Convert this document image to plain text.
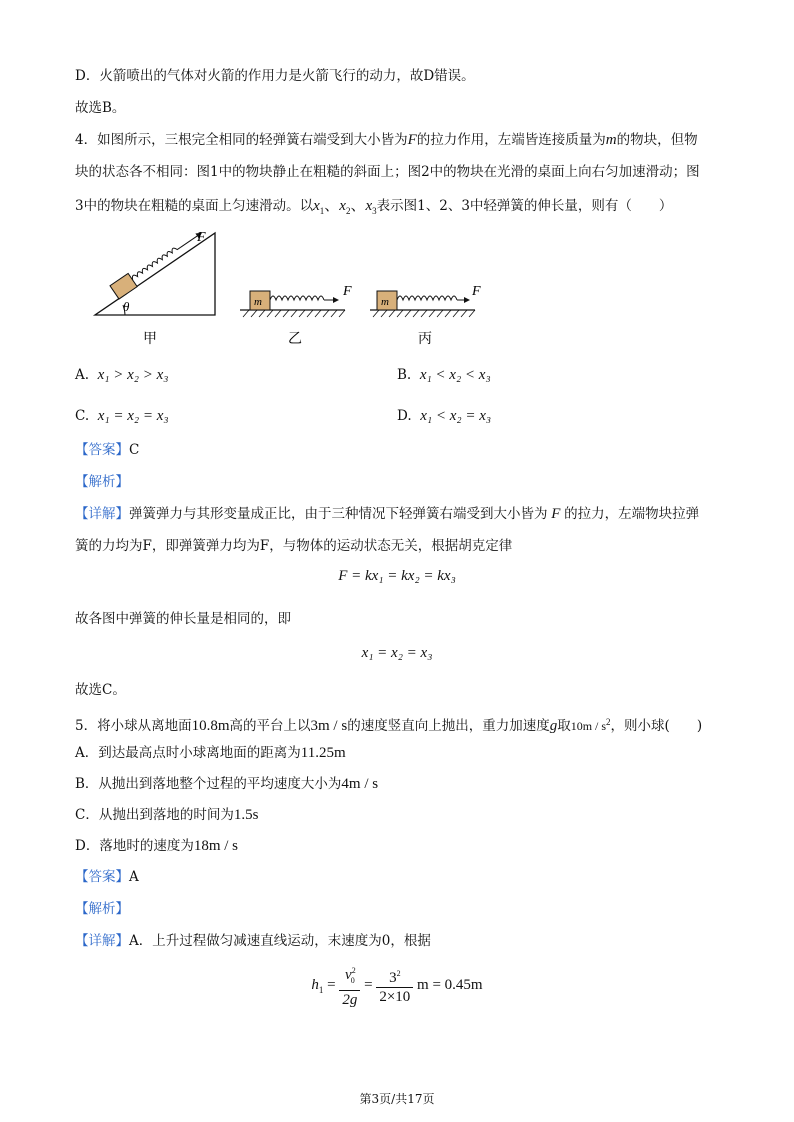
D．火箭喷出的气体对火箭的作用力是火箭飞行的动力，故D错误。
故选B。
4．如图所示，三根完全相同的轻弹簧右端受到大小皆为F的拉力作用，左端皆连接质量为m的物块，但物
块的状态各不相同：图1中的物块静止在粗糙的斜面上；图2中的物块在光滑的桌面上向右匀加速滑动；图
3中的物块在粗糙的桌面上匀速滑动。以$x_1$、$x_2$、$x_3$表示图1、2、3中轻弹簧的伸长量，则有（　　）
θ
F
甲
m
F
乙
m
F
丙
A. x₁ > x₂ > x₃	B. x₁ < x₂ < x₃
C. x₁ = x₂ = x₃	D. x₁ < x₂ = x₃
【答案】C
【解析】
【详解】弹簧弹力与其形变量成正比，由于三种情况下轻弹簧右端受到大小皆为 F 的拉力，左端物块拉弹
簧的力均为F，即弹簧弹力均为F，与物体的运动状态无关，根据胡克定律
F = kx₁ = kx₂ = kx₃
故各图中弹簧的伸长量是相同的，即
x₁ = x₂ = x₃
故选C。
5．将小球从离地面10.8m高的平台上以3m / s的速度竖直向上抛出，重力加速度g取$10m / s^2$，则小球(　　)
A．到达最高点时小球离地面的距离为11.25m
B．从抛出到落地整个过程的平均速度大小为4m / s
C．从抛出到落地的时间为1.5s
D．落地时的速度为18m / s
【答案】A
【解析】
【详解】A．上升过程做匀减速直线运动，末速度为0，根据
$h_1 = \frac{v^2_0}{2g} = \frac{3^2}{2\times 10}$ m = 0.45m
第3页/共17页
